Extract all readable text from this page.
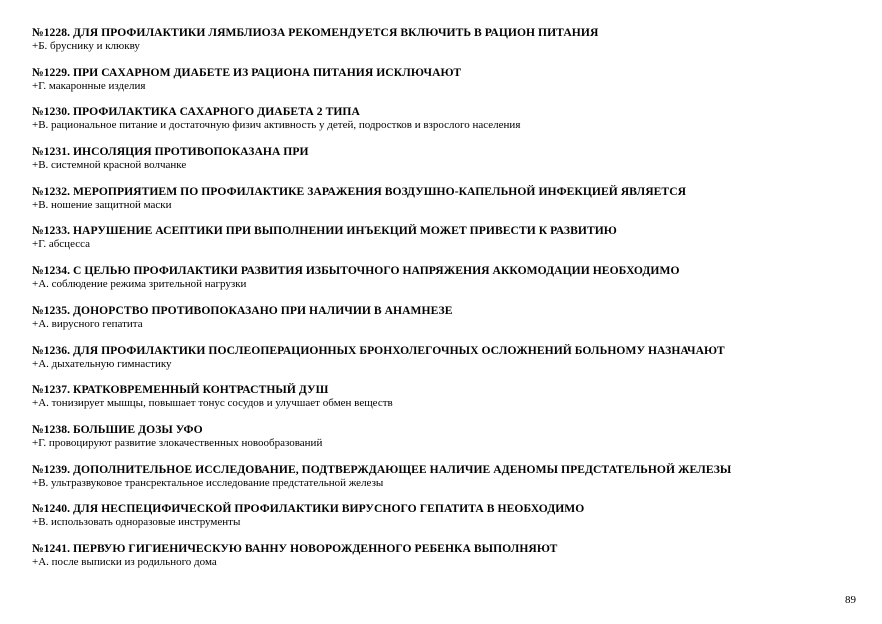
№1228. ДЛЯ ПРОФИЛАКТИКИ ЛЯМБЛИОЗА РЕКОМЕНДУЕТСЯ ВКЛЮЧИТЬ В РАЦИОН ПИТАНИЯ
+Б. бруснику и клюкву
№1229. ПРИ САХАРНОМ ДИАБЕТЕ ИЗ РАЦИОНА ПИТАНИЯ ИСКЛЮЧАЮТ
+Г. макаронные изделия
№1230. ПРОФИЛАКТИКА САХАРНОГО ДИАБЕТА 2 ТИПА
+В. рациональное питание и достаточную физич активность у детей, подростков и взрослого населения
№1231. ИНСОЛЯЦИЯ ПРОТИВОПОКАЗАНА ПРИ
+В. системной красной волчанке
№1232. МЕРОПРИЯТИЕМ ПО ПРОФИЛАКТИКЕ ЗАРАЖЕНИЯ ВОЗДУШНО-КАПЕЛЬНОЙ ИНФЕКЦИЕЙ ЯВЛЯЕТСЯ
+В. ношение защитной маски
№1233. НАРУШЕНИЕ АСЕПТИКИ ПРИ ВЫПОЛНЕНИИ ИНЪЕКЦИЙ МОЖЕТ ПРИВЕСТИ К РАЗВИТИЮ
+Г. абсцесса
№1234. С ЦЕЛЬЮ ПРОФИЛАКТИКИ РАЗВИТИЯ ИЗБЫТОЧНОГО НАПРЯЖЕНИЯ АККОМОДАЦИИ НЕОБХОДИМО
+А. соблюдение режима зрительной нагрузки
№1235. ДОНОРСТВО ПРОТИВОПОКАЗАНО ПРИ НАЛИЧИИ В АНАМНЕЗЕ
+А. вирусного гепатита
№1236. ДЛЯ ПРОФИЛАКТИКИ ПОСЛЕОПЕРАЦИОННЫХ БРОНХОЛЕГОЧНЫХ ОСЛОЖНЕНИЙ БОЛЬНОМУ НАЗНАЧАЮТ
+А. дыхательную гимнастику
№1237. КРАТКОВРЕМЕННЫЙ КОНТРАСТНЫЙ ДУШ
+А. тонизирует мышцы, повышает тонус сосудов и улучшает обмен веществ
№1238. БОЛЬШИЕ ДОЗЫ УФО
+Г. провоцируют развитие злокачественных новообразований
№1239. ДОПОЛНИТЕЛЬНОЕ ИССЛЕДОВАНИЕ, ПОДТВЕРЖДАЮЩЕЕ НАЛИЧИЕ АДЕНОМЫ ПРЕДСТАТЕЛЬНОЙ ЖЕЛЕЗЫ
+В. ультразвуковое трансректальное исследование предстательной железы
№1240. ДЛЯ НЕСПЕЦИФИЧЕСКОЙ ПРОФИЛАКТИКИ ВИРУСНОГО ГЕПАТИТА В НЕОБХОДИМО
+В. использовать одноразовые инструменты
№1241. ПЕРВУЮ ГИГИЕНИЧЕСКУЮ ВАННУ НОВОРОЖДЕННОГО РЕБЕНКА ВЫПОЛНЯЮТ
+А. после выписки из родильного дома
89
